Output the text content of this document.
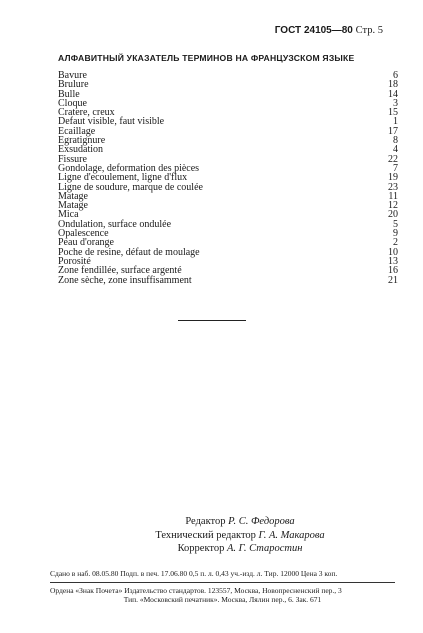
ГОСТ 24105—80 Стр. 5
АЛФАВИТНЫЙ УКАЗАТЕЛЬ ТЕРМИНОВ НА ФРАНЦУЗСКОМ ЯЗЫКЕ
Bavure	6
Brulure	18
Bulle	14
Cloque	3
Cratere, creux	15
Defaut visible, faut visible	1
Ecaillage	17
Egratignure	8
Exsudation	4
Fissure	22
Gondolage, deformation des pièces	7
Ligne d'ecoulement, ligne d'flux	19
Ligne de soudure, marque de coulée	23
Matage	11
Matage	12
Mica	20
Ondulation, surface ondulée	5
Opalescence	9
Peau d'orange	2
Poche de resine, défaut de moulage	10
Porosité	13
Zone fendillée, surface argenté	16
Zone sèche, zone insuffisamment	21
Редактор Р. С. Федорова
Технический редактор Г. А. Макарова
Корректор А. Г. Старостин
Сдано в наб. 08.05.80 Подп. в печ. 17.06.80 0,5 п. л. 0,43 уч.-изд. л. Тир. 12000 Цена 3 коп.
Ордена «Знак Почета» Издательство стандартов. 123557, Москва, Новопресненский пер., 3
Тип. «Московский печатник». Москва, Лялин пер., 6. Зак. 671
